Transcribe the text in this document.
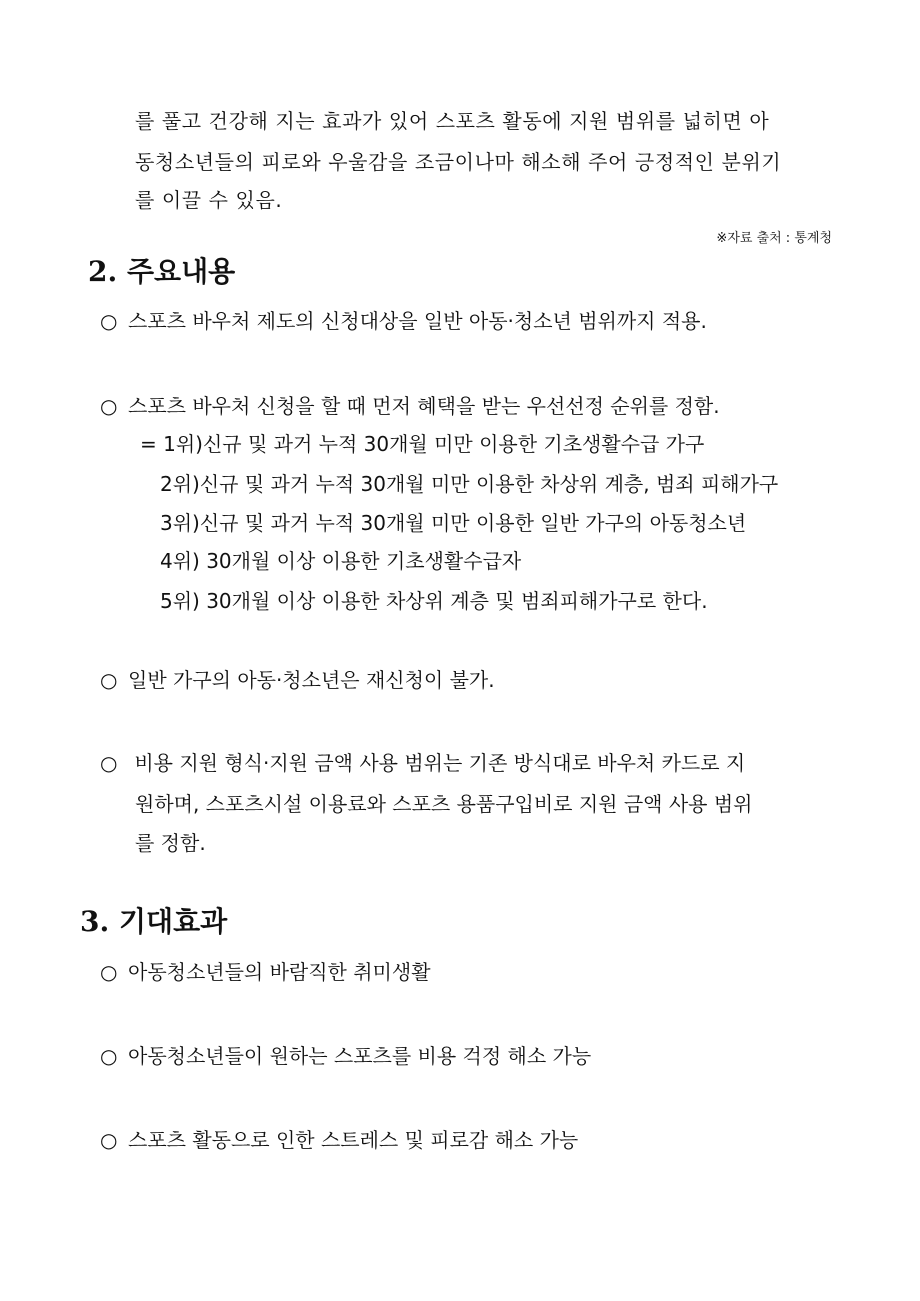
를 풀고 건강해 지는 효과가 있어 스포츠 활동에 지원 범위를 넓히면 아
동청소년들의 피로와 우울감을 조금이나마 해소해 주어 긍정적인 분위기
를 이끌 수 있음.
※자료 출처 : 통계청
2. 주요내용
○ 스포츠 바우처 제도의 신청대상을 일반 아동·청소년 범위까지 적용.
○ 스포츠 바우처 신청을 할 때 먼저 혜택을 받는 우선선정 순위를 정함.
= 1위)신규 및 과거 누적 30개월 미만 이용한 기초생활수급 가구
2위)신규 및 과거 누적 30개월 미만 이용한 차상위 계층, 범죄 피해가구
3위)신규 및 과거 누적 30개월 미만 이용한 일반 가구의 아동청소년
4위) 30개월 이상 이용한 기초생활수급자
5위) 30개월 이상 이용한 차상위 계층 및 범죄피해가구로 한다.
○ 일반 가구의 아동·청소년은 재신청이 불가.
○ 비용 지원 형식·지원 금액 사용 범위는 기존 방식대로 바우처 카드로 지
원하며, 스포츠시설 이용료와 스포츠 용품구입비로 지원 금액 사용 범위
를 정함.
3. 기대효과
○ 아동청소년들의 바람직한 취미생활
○ 아동청소년들이 원하는 스포츠를 비용 걱정 해소 가능
○ 스포츠 활동으로 인한 스트레스 및 피로감 해소 가능
